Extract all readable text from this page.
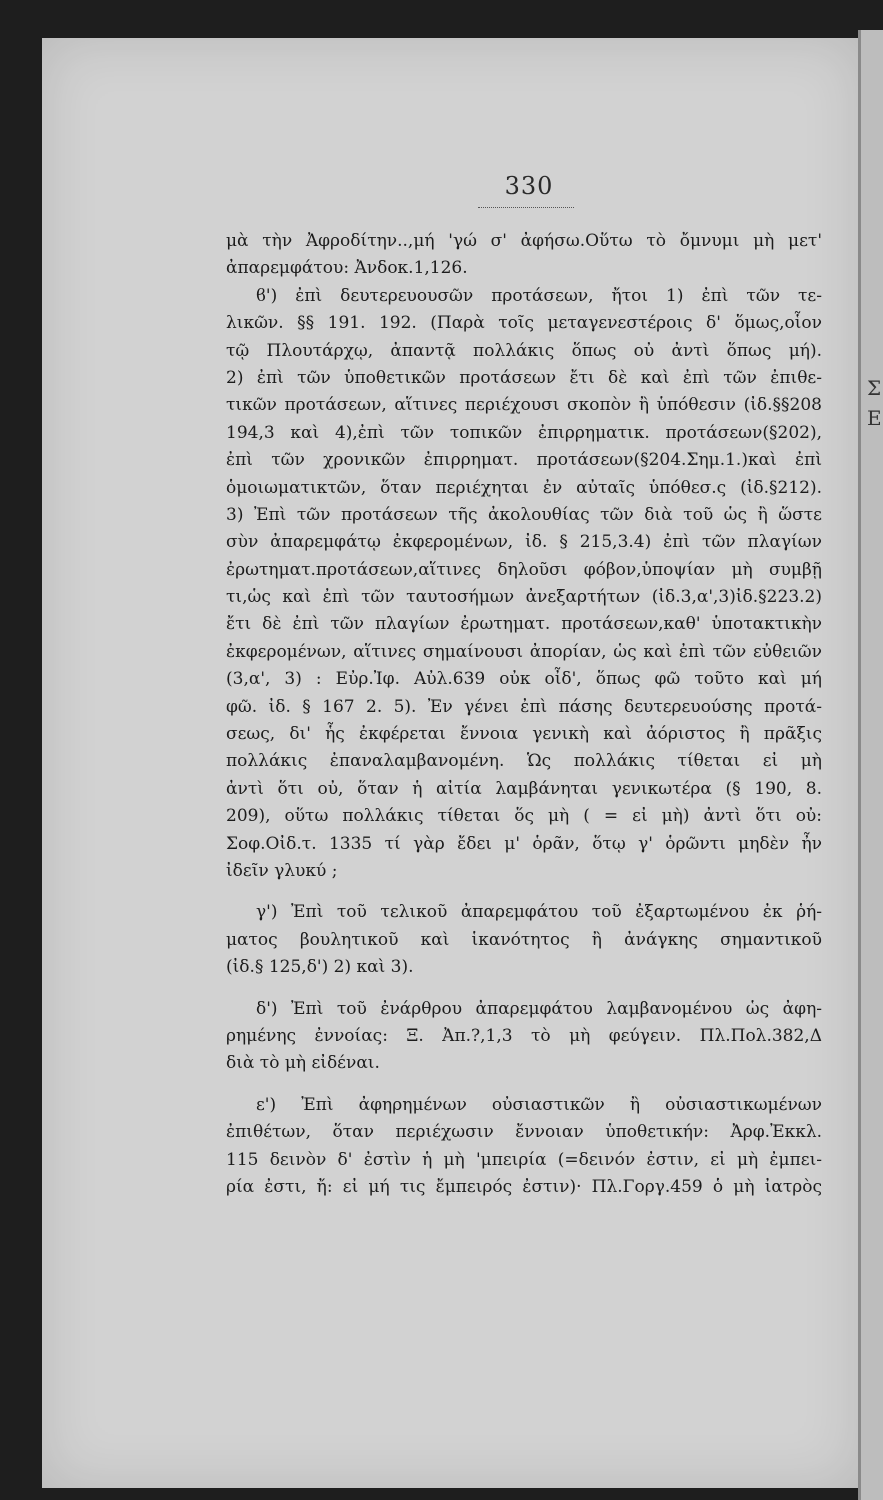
Σ
Ε
330
μὰ τὴν Ἀφροδίτην..,μή 'γώ σ' ἀφήσω.Οὕτω τὸ ὄμνυμι μὴ μετ'
ἀπαρεμφάτου: Ἀνδοκ.1,126.
ϐ') ἐπὶ δευτερευουσῶν προτάσεων, ἤτοι 1) ἐπὶ τῶν τε-
λικῶν. §§ 191. 192. (Παρὰ τοῖς μεταγενεστέροις δ' ὅμως,οἷον
τῷ Πλουτάρχῳ, ἀπαντᾷ πολλάκις ὅπως οὐ ἀντὶ ὅπως μή).
2) ἐπὶ τῶν ὑποθετικῶν προτάσεων ἔτι δὲ καὶ ἐπὶ τῶν ἐπιθε-
τικῶν προτάσεων, αἵτινες περιέχουσι σκοπὸν ἢ ὑπόθεσιν (ἰδ.§§208
194,3 καὶ 4),ἐπὶ τῶν τοπικῶν ἐπιρρηματικ. προτάσεων(§202),
ἐπὶ τῶν χρονικῶν ἐπιρρηματ. προτάσεων(§204.Σημ.1.)καὶ ἐπὶ
ὁμοιωματικτῶν, ὅταν περιέχηται ἐν αὐταῖς ὑπόθεσ.ς (ἰδ.§212).
3) Ἐπὶ τῶν προτάσεων τῆς ἀκολουθίας τῶν διὰ τοῦ ὡς ἢ ὥστε
σὺν ἀπαρεμφάτῳ ἐκφερομένων, ἰδ. § 215,3.4) ἐπὶ τῶν πλαγίων
ἐρωτηματ.προτάσεων,αἵτινες δηλοῦσι φόβον,ὑποψίαν μὴ συμβῇ
τι,ὡς καὶ ἐπὶ τῶν ταυτοσήμων ἀνεξαρτήτων (ἰδ.3,α',3)ἰδ.§223.2)
ἔτι δὲ ἐπὶ τῶν πλαγίων ἐρωτηματ. προτάσεων,καθ' ὑποτακτικὴν
ἐκφερομένων, αἵτινες σημαίνουσι ἀπορίαν, ὡς καὶ ἐπὶ τῶν εὐθειῶν
(3,α', 3) : Εὐρ.Ἰφ. Αὐλ.639 οὐκ οἶδ', ὅπως φῶ τοῦτο καὶ μή
φῶ. ἰδ. § 167 2. 5). Ἐν γένει ἐπὶ πάσης δευτερευούσης προτά-
σεως, δι' ἧς ἐκφέρεται ἔννοια γενικὴ καὶ ἀόριστος ἢ πρᾶξις
πολλάκις ἐπαναλαμβανομένη. Ὡς πολλάκις τίθεται εἰ μὴ
ἀντὶ ὅτι οὐ, ὅταν ἡ αἰτία λαμβάνηται γενικωτέρα (§ 190, 8.
209), οὕτω πολλάκις τίθεται ὅς μὴ ( = εἰ μὴ) ἀντὶ ὅτι οὐ:
Σοφ.Οἰδ.τ. 1335 τί γὰρ ἔδει μ' ὁρᾶν, ὅτῳ γ' ὁρῶντι μηδὲν ἦν
ἰδεῖν γλυκύ ;
γ') Ἐπὶ τοῦ τελικοῦ ἀπαρεμφάτου τοῦ ἐξαρτωμένου ἐκ ῥή-
ματος βουλητικοῦ καὶ ἱκανότητος ἢ ἀνάγκης σημαντικοῦ
(ἰδ.§ 125,δ') 2) καὶ 3).
δ') Ἐπὶ τοῦ ἐνάρθρου ἀπαρεμφάτου λαμβανομένου ὡς ἀφη-
ρημένης ἐννοίας: Ξ. Ἀπ.?,1,3 τὸ μὴ φεύγειν. Πλ.Πολ.382,Δ
διὰ τὸ μὴ εἰδέναι.
ε') Ἐπὶ ἀφηρημένων οὐσιαστικῶν ἢ οὐσιαστικωμένων
ἐπιθέτων, ὅταν περιέχωσιν ἔννοιαν ὑποθετικήν: Ἀρφ.Ἐκκλ.
115 δεινὸν δ' ἐστὶν ἡ μὴ 'μπειρία (=δεινόν ἐστιν, εἰ μὴ ἐμπει-
ρία ἐστι, ἤ: εἰ μή τις ἔμπειρός ἐστιν)· Πλ.Γοργ.459 ὁ μὴ ἰατρὸς
